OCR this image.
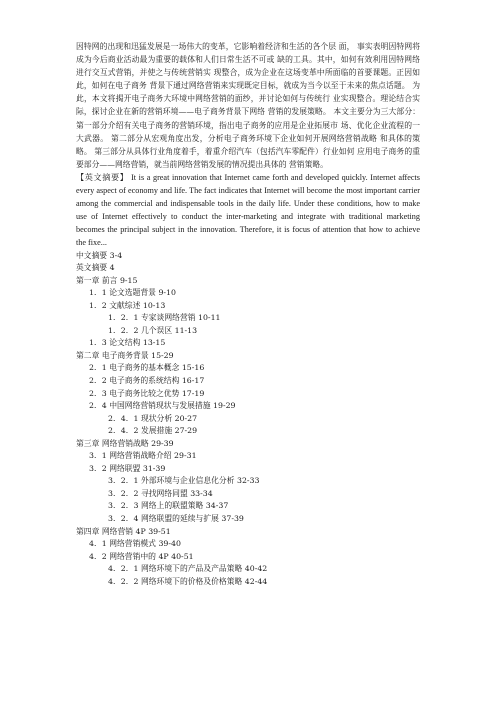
因特网的出现和迅猛发展是一场伟大的变革，它影响着经济和生活的各个层 面， 事实表明因特网将成为今后商业活动最为重要的载体和人们日常生活不可或 缺的工具。其中，如何有效利用因特网络进行交互式营销，并使之与传统营销实 现整合，成为企业在这场变革中所面临的首要课题。正因如此，如何在电子商务 背景下通过网络营销来实现既定目标，就成为当今以至于未来的焦点话题。 为此，本文将揭开电子商务大环境中网络营销的面纱，并讨论如何与传统行 业实现整合。理论结合实际，探讨企业在新的营销环境——电子商务背景下网络 营销的发展策略。 本文主要分为三大部分： 第一部分介绍有关电子商务的营销环境，指出电子商务的应用是企业拓展市 场、优化企业流程的一大武器。 第二部分从宏观角度出发，分析电子商务环境下企业如何开展网络营销战略 和具体的策略。 第三部分从具体行业角度着手，着重介绍汽车（包括汽车零配件）行业如何 应用电子商务的重要部分——网络营销，就当前网络营销发展的情况提出具体的 营销策略。

【英文摘要】 It is a great innovation that Internet came forth and developed quickly. Internet affects every aspect of economy and life. The fact indicates that Internet will become the most important carrier among the commercial and indispensable tools in the daily life. Under these conditions, how to make use of Internet effectively to conduct the inter-marketing and integrate with traditional marketing becomes the principal subject in the innovation. Therefore, it is focus of attention that how to achieve the fixe...

中文摘要 3-4

英文摘要 4

第一章 前言 9-15

1．1 论文选题背景 9-10

1．2 文献综述 10-13

1．2．1 专家谈网络营销 10-11

1．2．2 几个误区 11-13

1．3 论文结构 13-15

第二章 电子商务背景 15-29

2．1 电子商务的基本概念 15-16

2．2 电子商务的系统结构 16-17

2．3 电子商务比较之优势 17-19

2．4 中国网络营销现状与发展措施 19-29

2．4．1 现状分析 20-27

2．4．2 发展措施 27-29

第三章 网络营销战略 29-39

3．1 网络营销战略介绍 29-31

3．2 网络联盟 31-39

3．2．1 外部环境与企业信息化分析 32-33

3．2．2 寻找网络同盟 33-34

3．2．3 网络上的联盟策略 34-37

3．2．4 网络联盟的延续与扩展 37-39

第四章 网络营销 4P 39-51

4．1 网络营销模式 39-40

4．2 网络营销中的 4P 40-51

4．2．1 网络环境下的产品及产品策略 40-42

4．2．2 网络环境下的价格及价格策略 42-44
